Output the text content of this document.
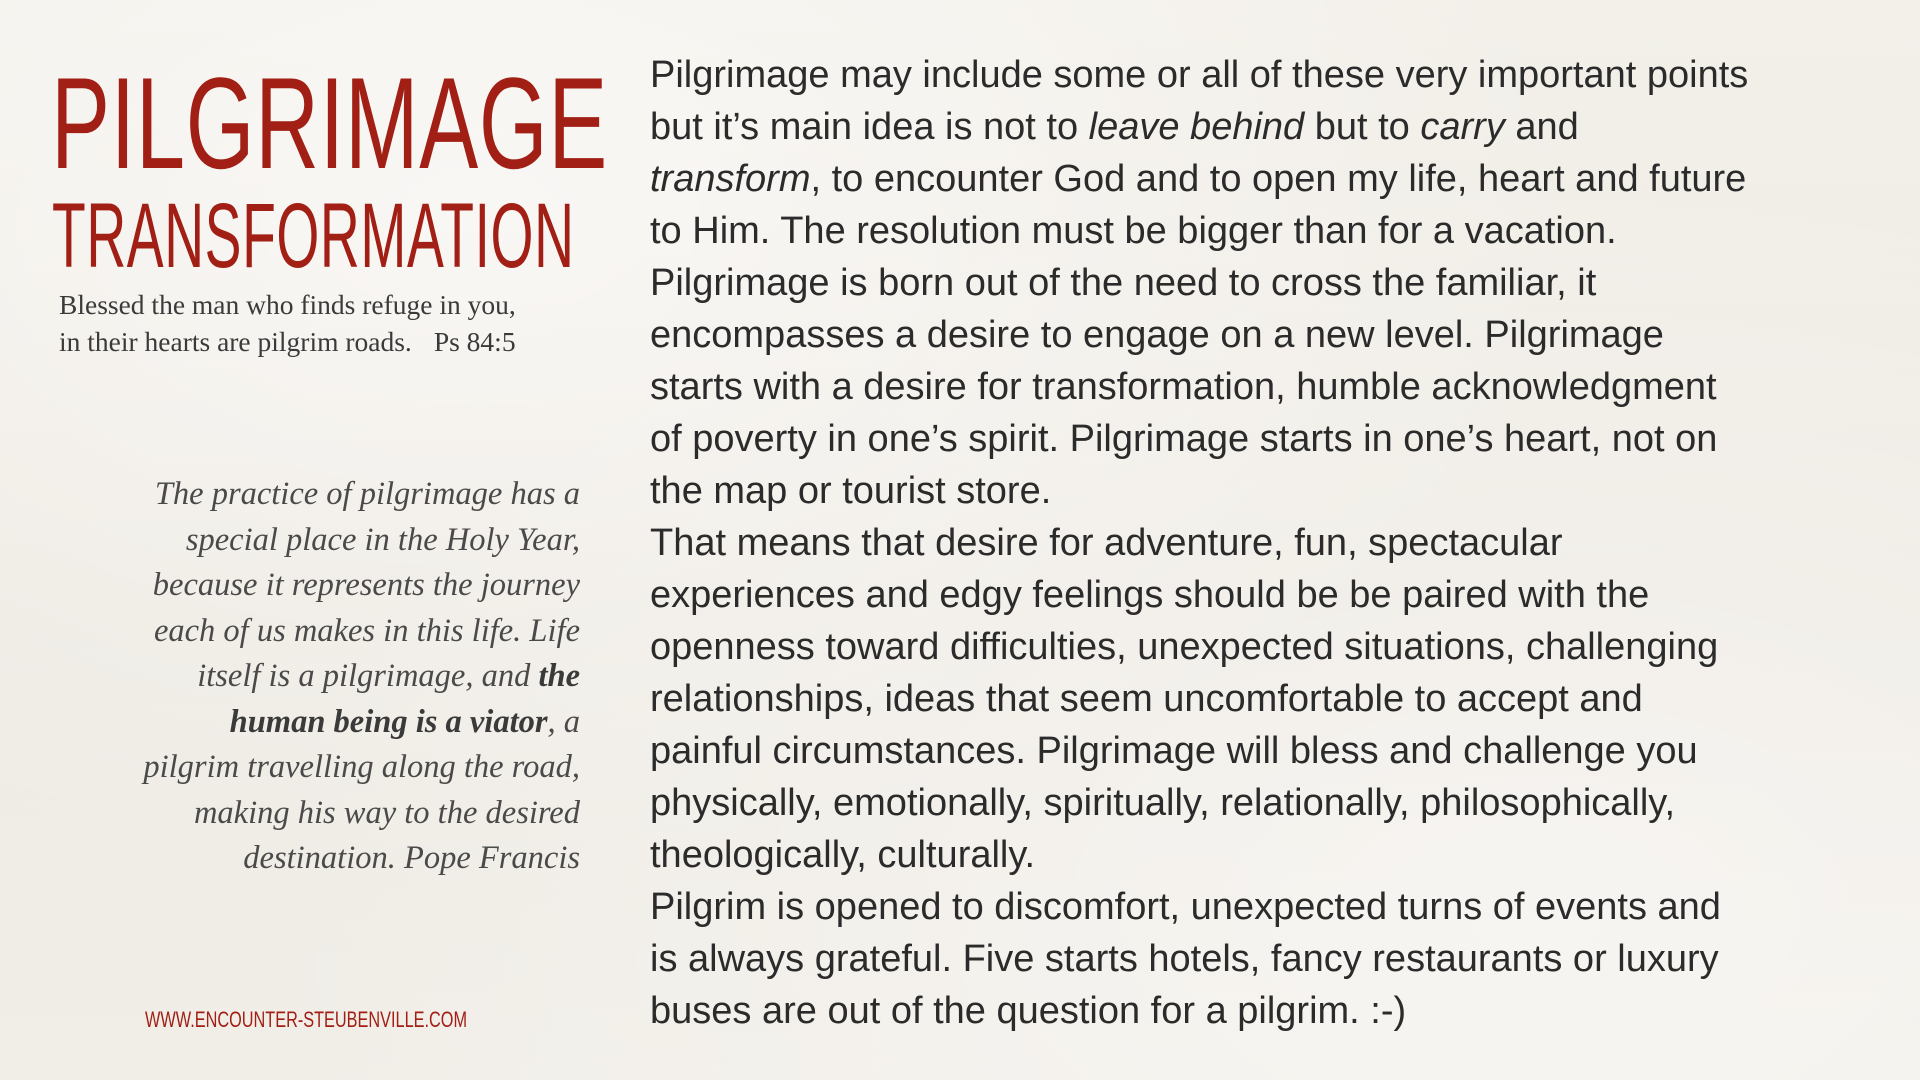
PILGRIMAGE
TRANSFORMATION
Blessed the man who finds refuge in you,
in their hearts are pilgrim roads. Ps 84:5
The practice of pilgrimage has a
special place in the Holy Year,
because it represents the journey
each of us makes in this life. Life
itself is a pilgrimage, and the
human being is a viator, a
pilgrim travelling along the road,
making his way to the desired
destination. Pope Francis
WWW.ENCOUNTER-STEUBENVILLE.COM
Pilgrimage may include some or all of these very important points
but it’s main idea is not to leave behind but to carry and
transform, to encounter God and to open my life, heart and future
to Him. The resolution must be bigger than for a vacation.
Pilgrimage is born out of the need to cross the familiar, it
encompasses a desire to engage on a new level. Pilgrimage
starts with a desire for transformation, humble acknowledgment
of poverty in one’s spirit. Pilgrimage starts in one’s heart, not on
the map or tourist store.
That means that desire for adventure, fun, spectacular
experiences and edgy feelings should be be paired with the
openness toward difficulties, unexpected situations, challenging
relationships, ideas that seem uncomfortable to accept and
painful circumstances. Pilgrimage will bless and challenge you
physically, emotionally, spiritually, relationally, philosophically,
theologically, culturally.
Pilgrim is opened to discomfort, unexpected turns of events and
is always grateful. Five starts hotels, fancy restaurants or luxury
buses are out of the question for a pilgrim. :-)
